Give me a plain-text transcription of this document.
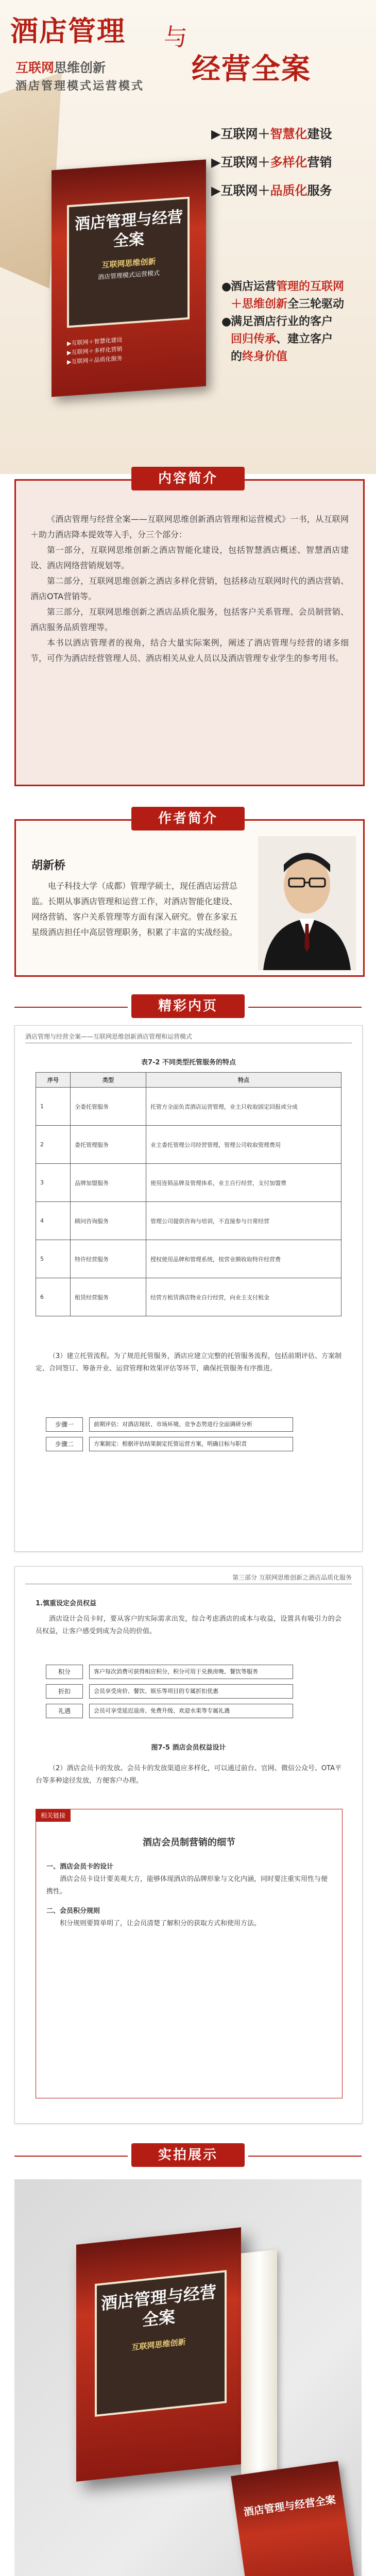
酒店管理 与
经营全案
互联网思维创新
酒店管理模式运营模式
酒店管理与经营全案
互联网思维创新
酒店管理模式运营模式
▶互联网＋智慧化建设
▶互联网＋多样化营销
▶互联网＋品质化服务
▶互联网＋智慧化建设
▶互联网＋多样化营销
▶互联网＋品质化服务
●酒店运营管理的互联网
＋思维创新全三轮驱动
●满足酒店行业的客户
回归传承、建立客户
的终身价值

《酒店管理与经营全案——互联网思维创新酒店管理和运营模式》一书，从互联网＋助力酒店降本提效等入手，分三个部分：

第一部分，互联网思维创新之酒店智能化建设，包括智慧酒店概述、智慧酒店建设、酒店网络营销规划等。

第二部分，互联网思维创新之酒店多样化营销，包括移动互联网时代的酒店营销、酒店OTA营销等。

第三部分，互联网思维创新之酒店品质化服务，包括客户关系管理、会员制营销、酒店服务品质管理等。

本书以酒店管理者的视角，结合大量实际案例，阐述了酒店管理与经营的诸多细节，可作为酒店经营管理人员、酒店相关从业人员以及酒店管理专业学生的参考用书。

内容简介
胡新桥
电子科技大学（成都）管理学硕士，现任酒店运营总监。长期从事酒店管理和运营工作，对酒店智能化建设、网络营销、客户关系管理等方面有深入研究。曾在多家五星级酒店担任中高层管理职务，积累了丰富的实战经验。
作者简介
精彩内页
酒店管理与经营全案——互联网思维创新酒店管理和运营模式
表7-2 不同类型托管服务的特点
序号	类型	特点
1	全委托管服务	托管方全面负责酒店运营管理，业主只收取固定回报或分成
2	委托管理服务	业主委托管理公司经营管理，管理公司收取管理费用
3	品牌加盟服务	使用连锁品牌及管理体系，业主自行经营，支付加盟费
4	顾问咨询服务	管理公司提供咨询与培训，不直接参与日常经营
5	特许经营服务	授权使用品牌和管理系统，按营业额收取特许经营费
6	租赁经营服务	经营方租赁酒店物业自行经营，向业主支付租金

（3）建立托管流程。为了规范托管服务，酒店应建立完整的托管服务流程，包括前期评估、方案制定、合同签订、筹备开业、运营管理和效果评估等环节，确保托管服务有序推进。

步骤一	前期评估：对酒店现状、市场环境、竞争态势进行全面调研分析
步骤二	方案制定：根据评估结果制定托管运营方案，明确目标与职责
第三部分 互联网思维创新之酒店品质化服务
1.慎重设定会员权益

酒店设计会员卡时，要从客户的实际需求出发，综合考虑酒店的成本与收益，设置具有吸引力的会员权益，让客户感受到成为会员的价值。

积分	客户每次消费可获得相应积分，积分可用于兑换房晚、餐饮等服务
折扣	会员享受房价、餐饮、娱乐等项目的专属折扣优惠
礼遇	会员可享受延迟退房、免费升级、欢迎水果等专属礼遇
图7-5 酒店会员权益设计

（2）酒店会员卡的发放。会员卡的发放渠道应多样化，可以通过前台、官网、微信公众号、OTA平台等多种途径发放，方便客户办理。

相关链接
酒店会员制营销的细节

一、酒店会员卡的设计

酒店会员卡设计要美观大方，能够体现酒店的品牌形象与文化内涵，同时要注重实用性与便携性。

二、会员积分规则

积分规则要简单明了，让会员清楚了解积分的获取方式和使用方法。

实拍展示
酒店管理与经营全案
互联网思维创新
酒店管理与经营全案
